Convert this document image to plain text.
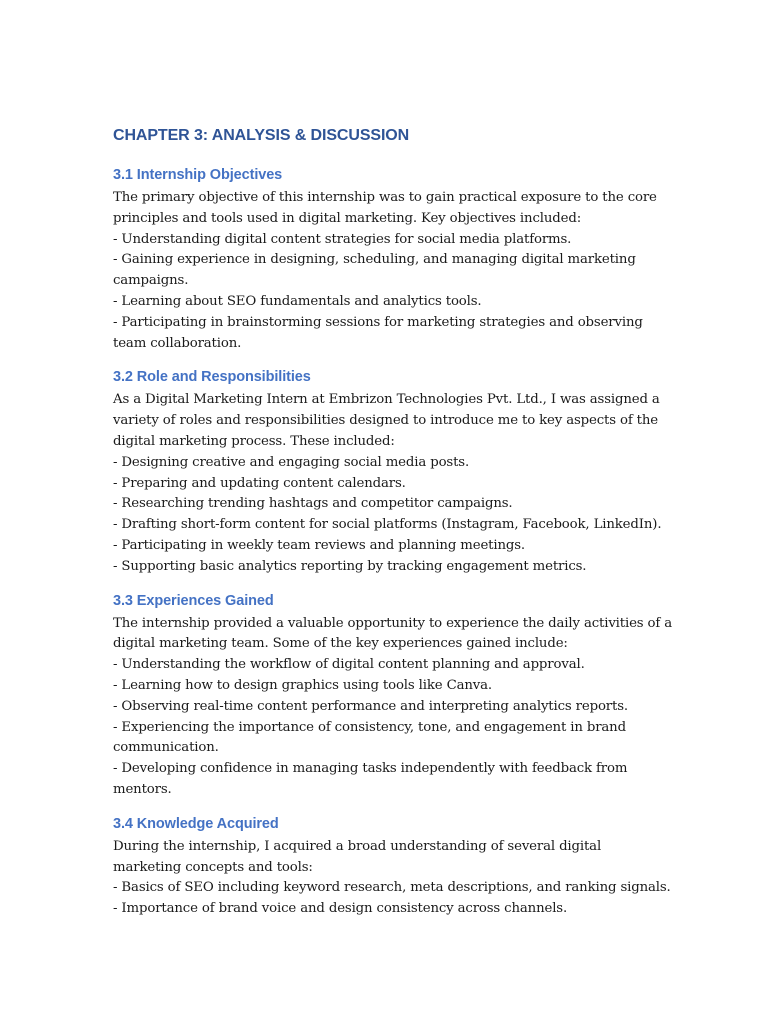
CHAPTER 3: ANALYSIS & DISCUSSION
3.1 Internship Objectives

The primary objective of this internship was to gain practical exposure to the core principles and tools used in digital marketing. Key objectives included:

- Understanding digital content strategies for social media platforms.

- Gaining experience in designing, scheduling, and managing digital marketing campaigns.

- Learning about SEO fundamentals and analytics tools.

- Participating in brainstorming sessions for marketing strategies and observing team collaboration.

3.2 Role and Responsibilities

As a Digital Marketing Intern at Embrizon Technologies Pvt. Ltd., I was assigned a variety of roles and responsibilities designed to introduce me to key aspects of the digital marketing process. These included:

- Designing creative and engaging social media posts.

- Preparing and updating content calendars.

- Researching trending hashtags and competitor campaigns.

- Drafting short-form content for social platforms (Instagram, Facebook, LinkedIn).

- Participating in weekly team reviews and planning meetings.

- Supporting basic analytics reporting by tracking engagement metrics.

3.3 Experiences Gained

The internship provided a valuable opportunity to experience the daily activities of a digital marketing team. Some of the key experiences gained include:

- Understanding the workflow of digital content planning and approval.

- Learning how to design graphics using tools like Canva.

- Observing real-time content performance and interpreting analytics reports.

- Experiencing the importance of consistency, tone, and engagement in brand communication.

- Developing confidence in managing tasks independently with feedback from mentors.

3.4 Knowledge Acquired

During the internship, I acquired a broad understanding of several digital marketing concepts and tools:

- Basics of SEO including keyword research, meta descriptions, and ranking signals.

- Importance of brand voice and design consistency across channels.
